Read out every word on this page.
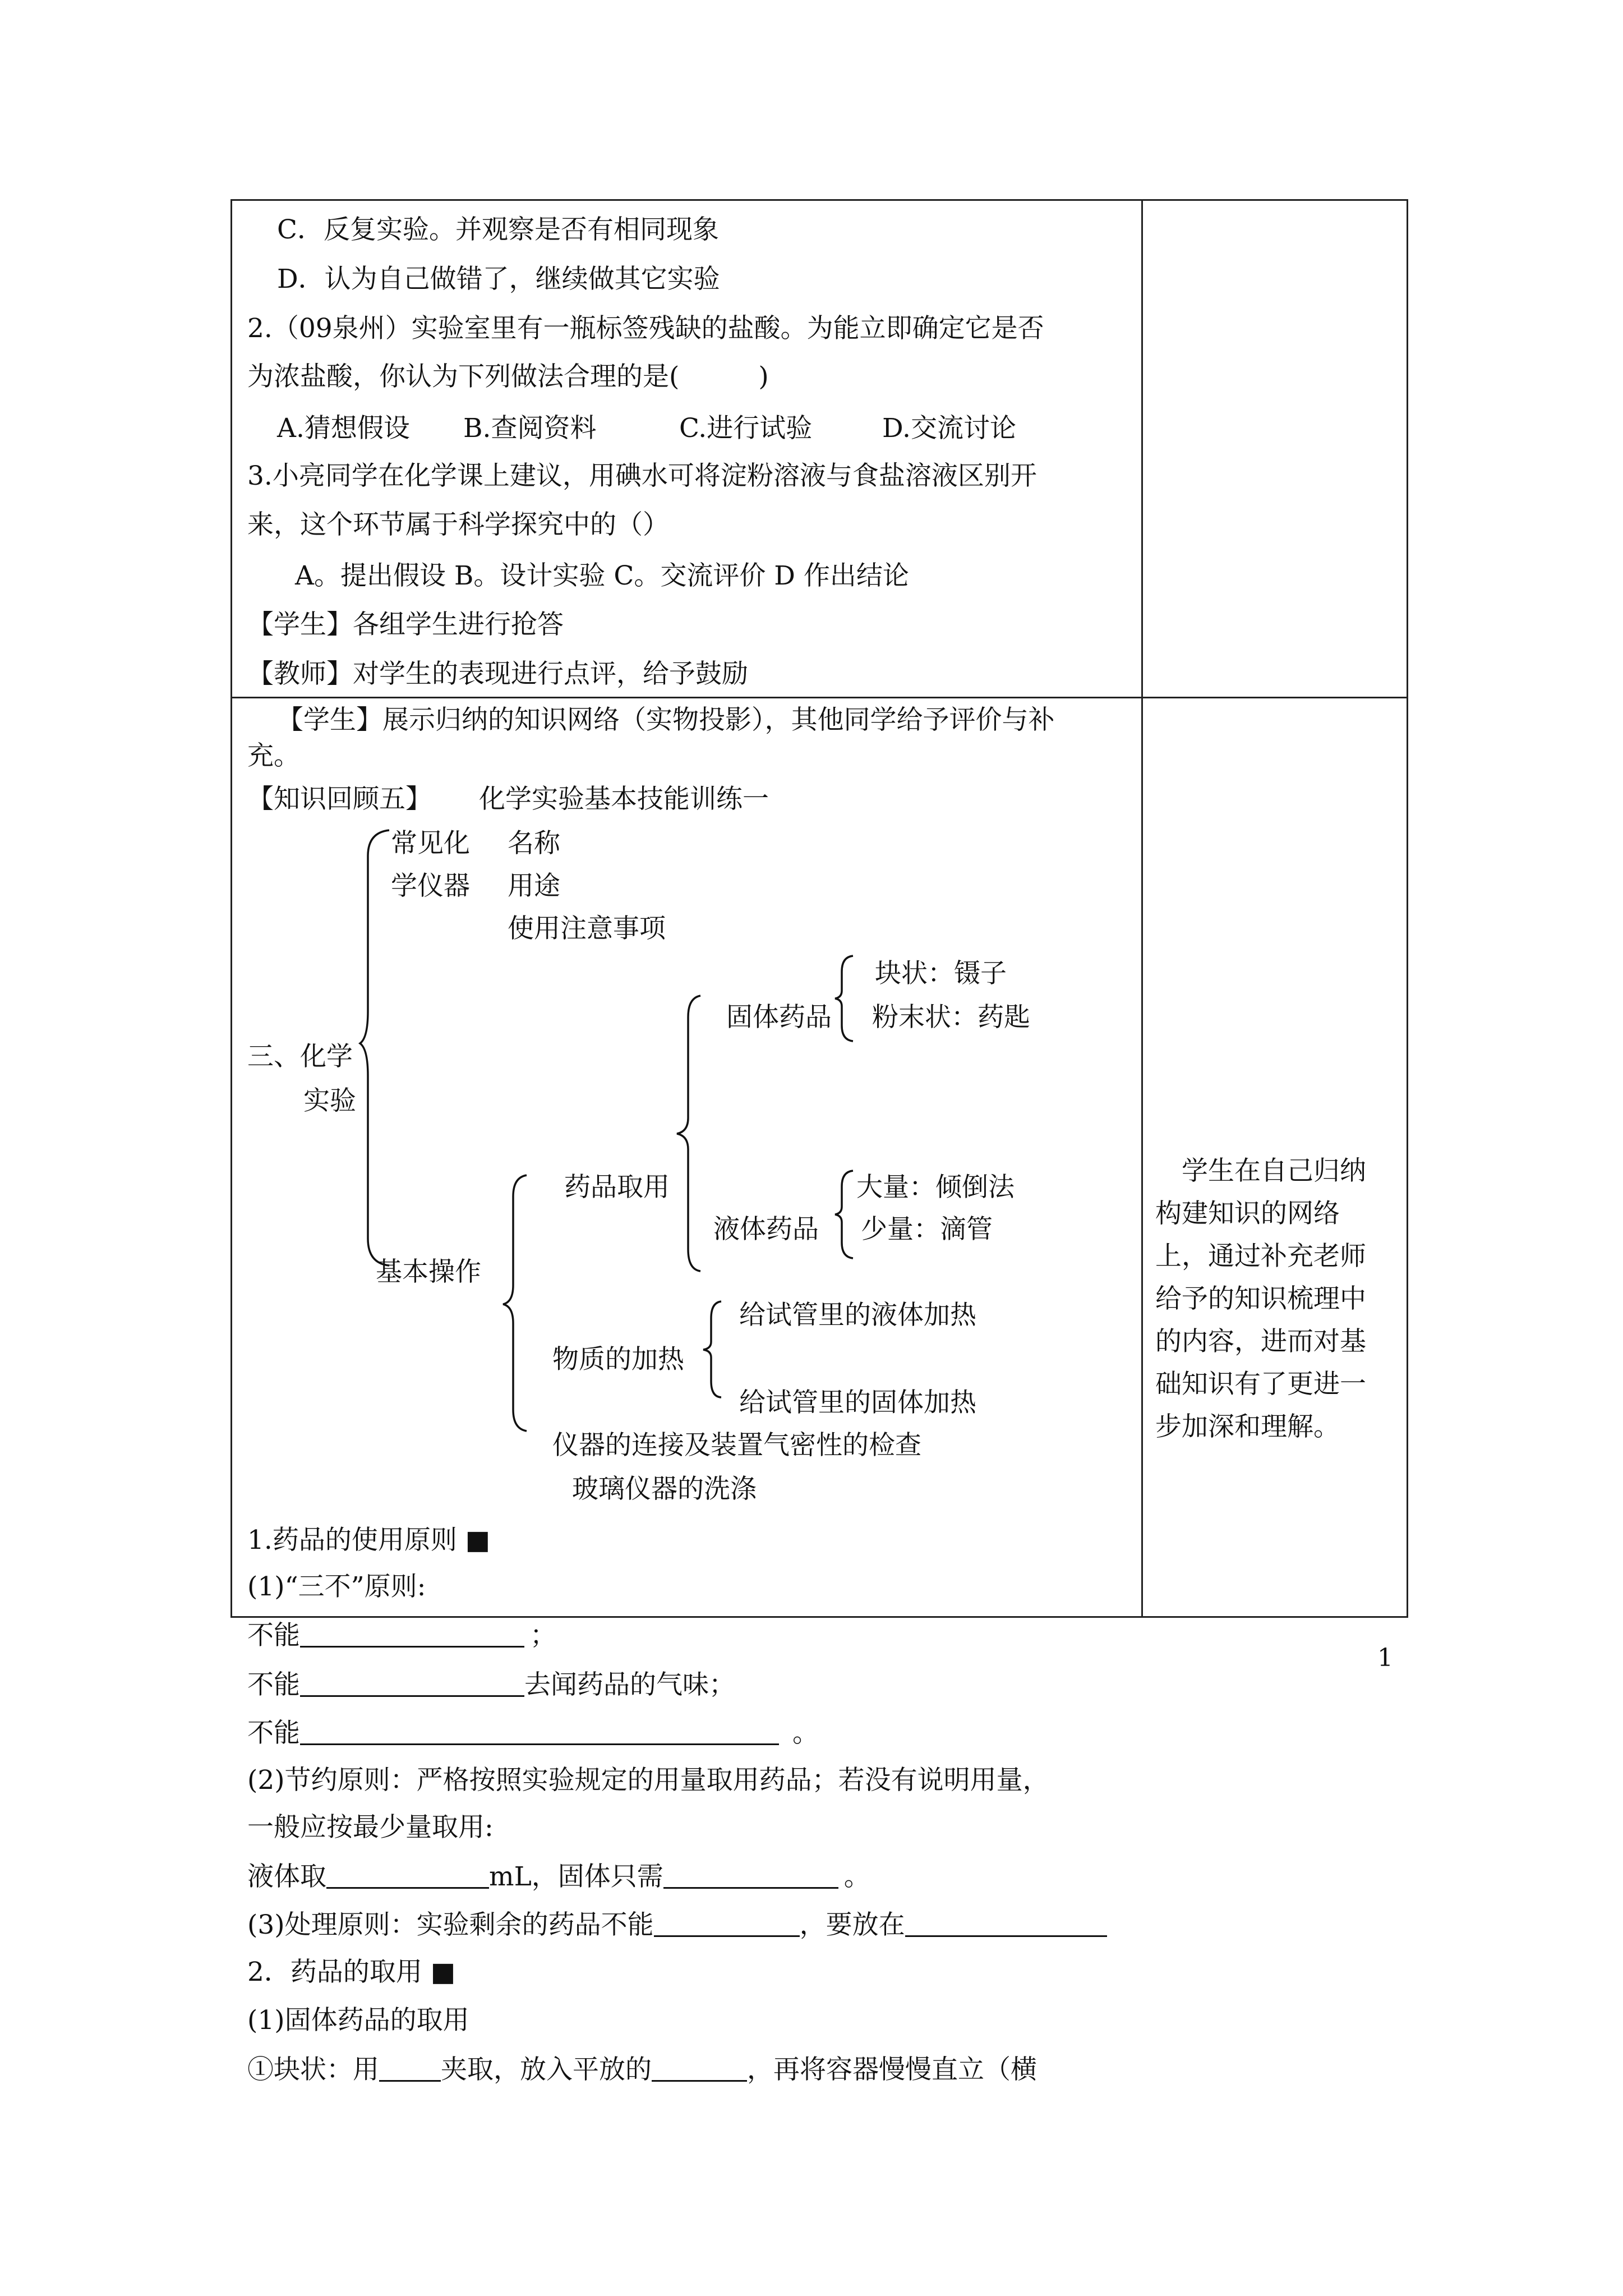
C．反复实验。并观察是否有相同现象
D．认为自己做错了，继续做其它实验
2.（09泉州）实验室里有一瓶标签残缺的盐酸。为能立即确定它是否
为浓盐酸，你认为下列做法合理的是(　　　)
A.猜想假设 B.查阅资料	C.进行试验	D.交流讨论
3.小亮同学在化学课上建议，用碘水可将淀粉溶液与食盐溶液区别开
来，这个环节属于科学探究中的（）
A。提出假设 B。设计实验 C。交流评价 D 作出结论
【学生】各组学生进行抢答
【教师】对学生的表现进行点评，给予鼓励
【学生】展示归纳的知识网络（实物投影），其他同学给予评价与补
充。
【知识回顾五】 化学实验基本技能训练一
三、化学
实验
常见化
学仪器
名称
用途
使用注意事项
基本操作
药品取用
固体药品
块状：镊子
粉末状：药匙
液体药品
大量：倾倒法
少量：滴管
物质的加热
给试管里的液体加热
给试管里的固体加热
仪器的连接及装置气密性的检查
玻璃仪器的洗涤
1.药品的使用原则 ■
(1)“三不”原则:
不能	；
不能	去闻药品的气味；
不能	。
(2)节约原则：严格按照实验规定的用量取用药品；若没有说明用量，
一般应按最少量取用:
液体取	mL，固体只需	。
(3)处理原则：实验剩余的药品不能	，要放在
2．药品的取用 ■
(1)固体药品的取用
①块状：用 夹取，放入平放的	，再将容器慢慢直立（横
学生在自己归纳构建知识的网络上，通过补充老师给予的知识梳理中的内容，进而对基础知识有了更进一步加深和理解。
1
